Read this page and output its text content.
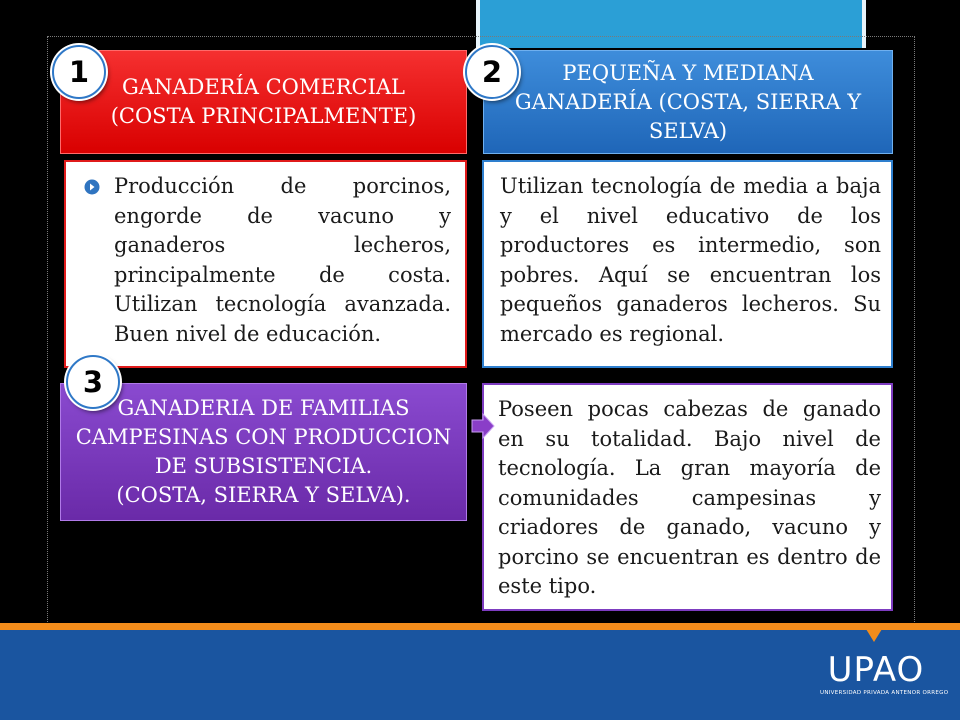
GANADERÍA COMERCIAL
(COSTA PRINCIPALMENTE)
Producción de porcinos, engorde de vacuno y ganaderos lecheros, principalmente de costa. Utilizan tecnología avanzada. Buen nivel de educación.
PEQUEÑA Y MEDIANA GANADERÍA (COSTA, SIERRA Y SELVA)
Utilizan tecnología de media a baja y el nivel educativo de los productores es intermedio, son pobres. Aquí se encuentran los pequeños ganaderos lecheros. Su mercado es regional.
GANADERIA DE FAMILIAS CAMPESINAS CON PRODUCCION DE SUBSISTENCIA.
(COSTA, SIERRA Y SELVA).
Poseen pocas cabezas de ganado en su totalidad. Bajo nivel de tecnología. La gran mayoría de comunidades campesinas y criadores de ganado, vacuno y porcino se encuentran es dentro de este tipo.
1	2
3
UPAO
UNIVERSIDAD PRIVADA ANTENOR ORREGO
